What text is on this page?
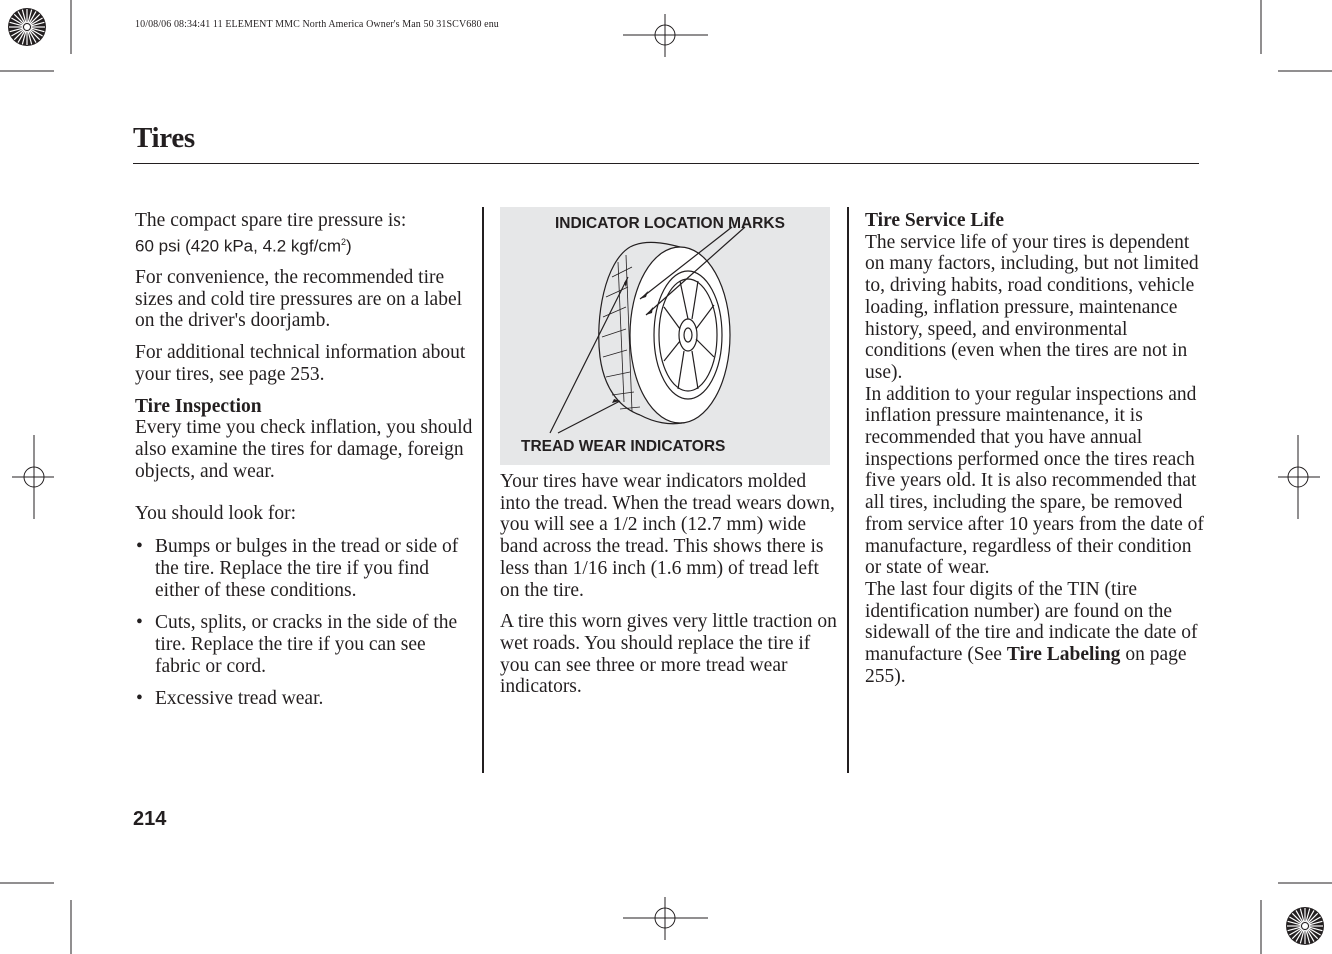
10/08/06 08:34:41 11 ELEMENT MMC North America Owner's Man 50 31SCV680 enu
Tires

The compact spare tire pressure is:

60 psi (420 kPa, 4.2 kgf/$cm^2$)

For convenience, the recommended tire sizes and cold tire pressures are on a label on the driver's doorjamb.

For additional technical information about your tires, see page 253.

Tire Inspection

Every time you check inflation, you should also examine the tires for damage, foreign objects, and wear.

You should look for:

• Bumps or bulges in the tread or side of the tire. Replace the tire if you find either of these conditions.
• Cuts, splits, or cracks in the side of the tire. Replace the tire if you can see fabric or cord.
• Excessive tread wear.
INDICATOR LOCATION MARKS
TREAD WEAR INDICATORS

Your tires have wear indicators molded into the tread. When the tread wears down, you will see a 1/2 inch (12.7 mm) wide band across the tread. This shows there is less than 1/16 inch (1.6 mm) of tread left on the tire.

A tire this worn gives very little traction on wet roads. You should replace the tire if you can see three or more tread wear indicators.

Tire Service Life

The service life of your tires is dependent on many factors, including, but not limited to, driving habits, road conditions, vehicle loading, inflation pressure, maintenance history, speed, and environmental conditions (even when the tires are not in use).

In addition to your regular inspections and inflation pressure maintenance, it is recommended that you have annual inspections performed once the tires reach five years old. It is also recommended that all tires, including the spare, be removed from service after 10 years from the date of manufacture, regardless of their condition or state of wear.

The last four digits of the TIN (tire identification number) are found on the sidewall of the tire and indicate the date of manufacture (See Tire Labeling on page 255).

214
